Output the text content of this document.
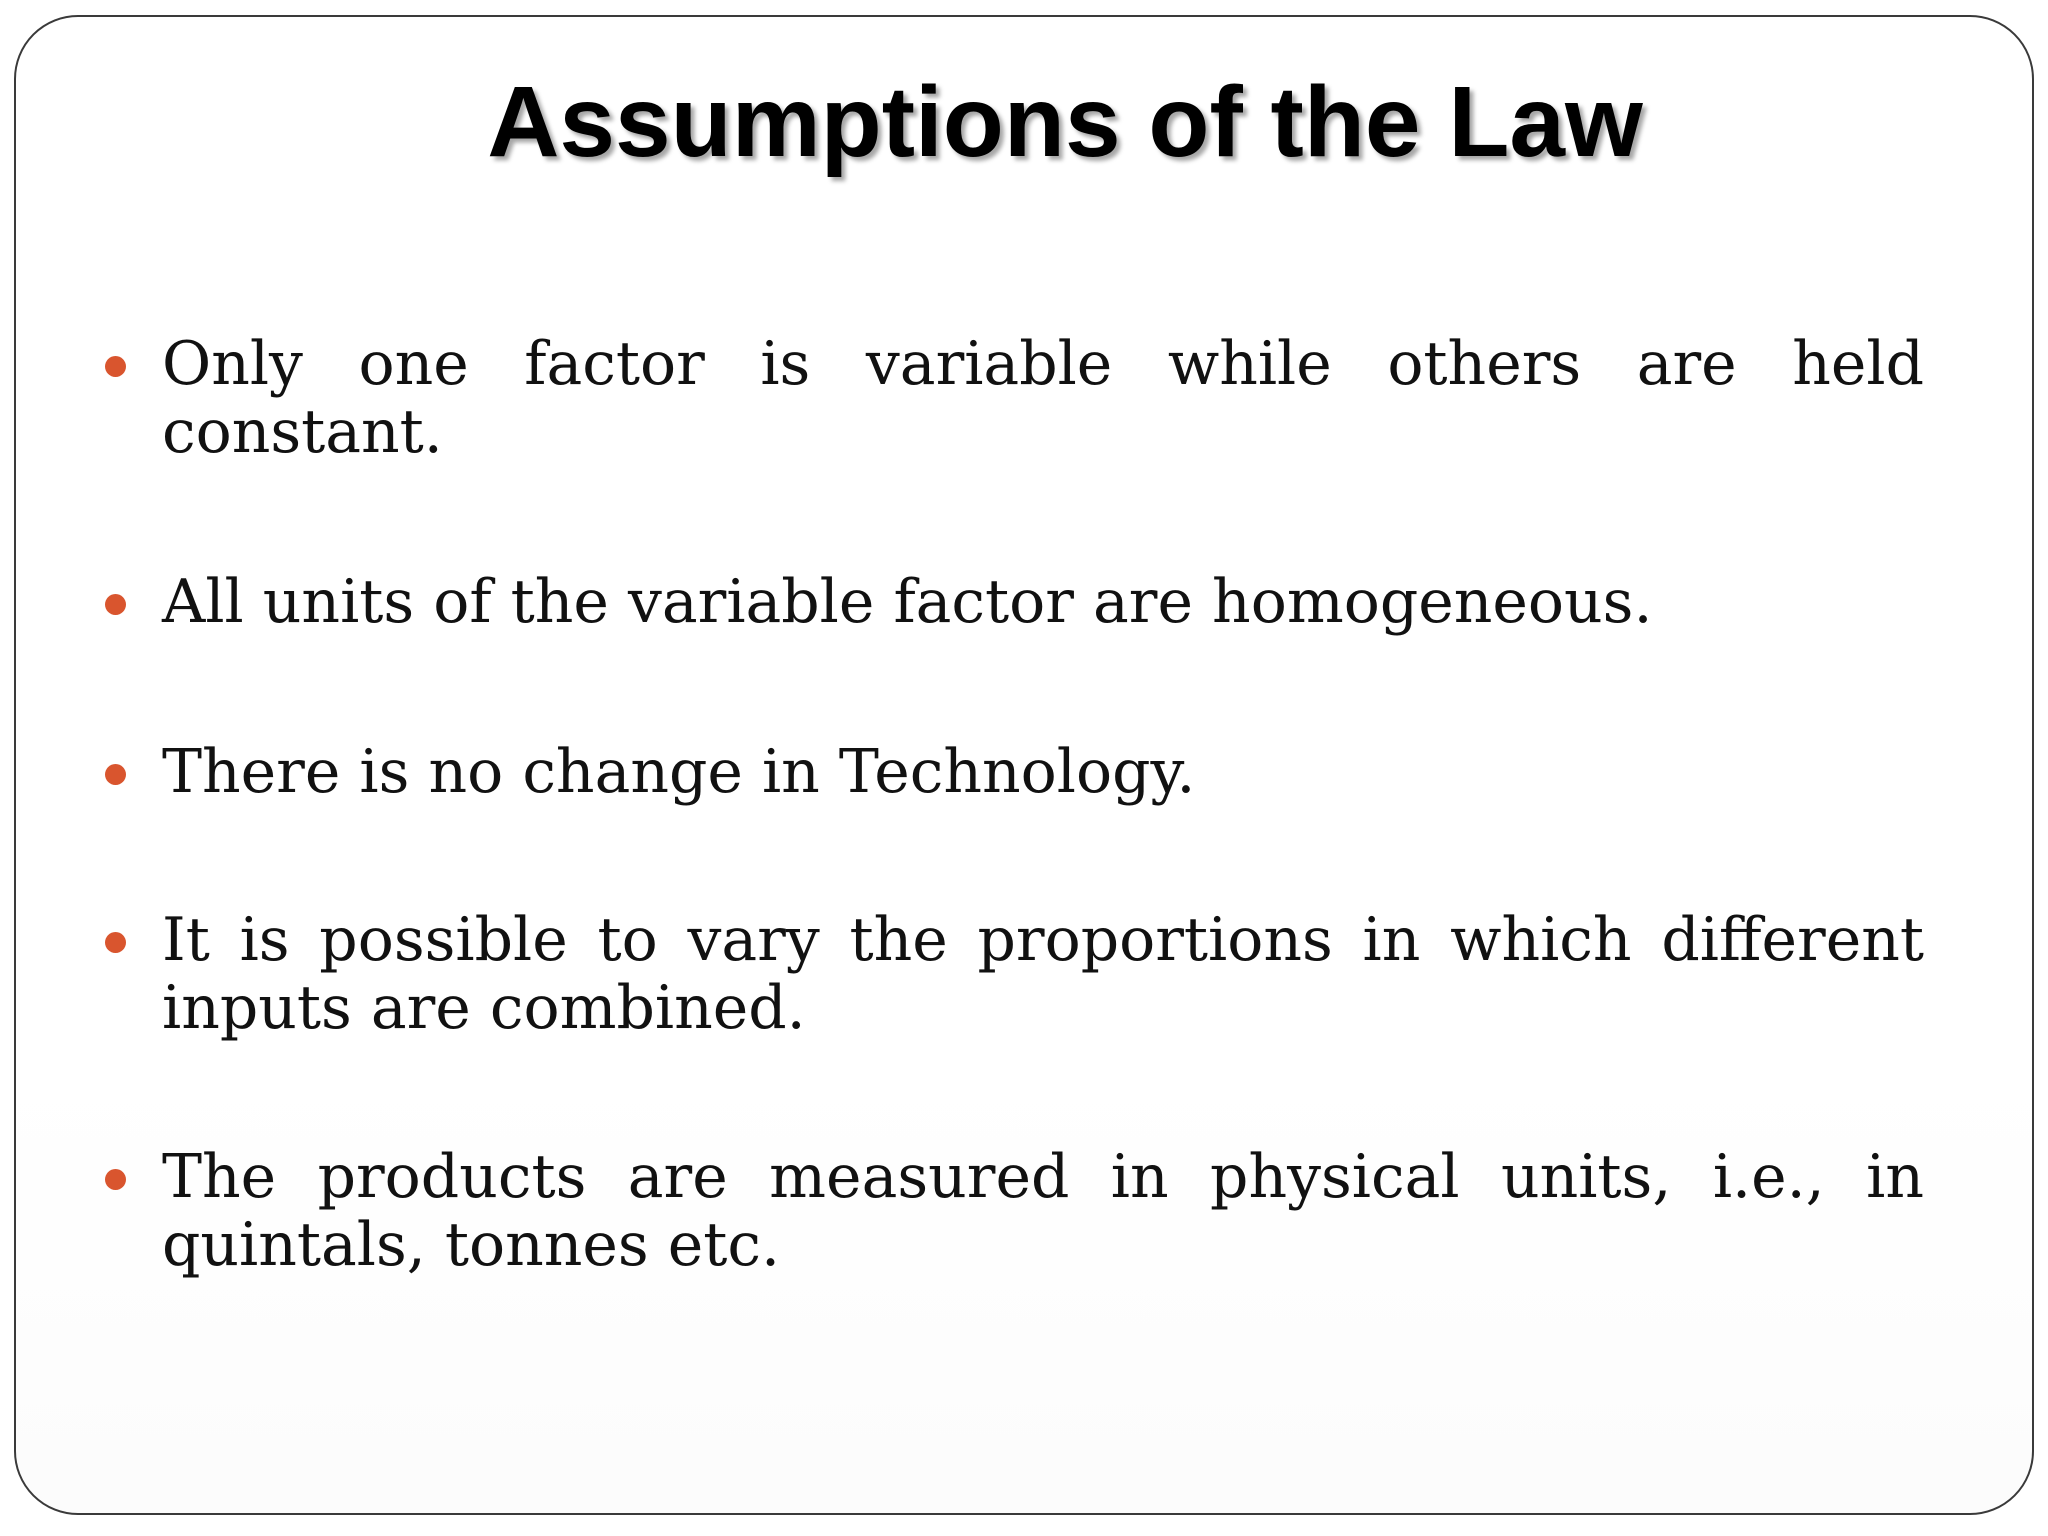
Assumptions of the Law

Only one factor is variable while others are held constant.

All units of the variable factor are homogeneous.

There is no change in Technology.

It is possible to vary the proportions in which different inputs are combined.

The products are measured in physical units, i.e., in quintals, tonnes etc.
